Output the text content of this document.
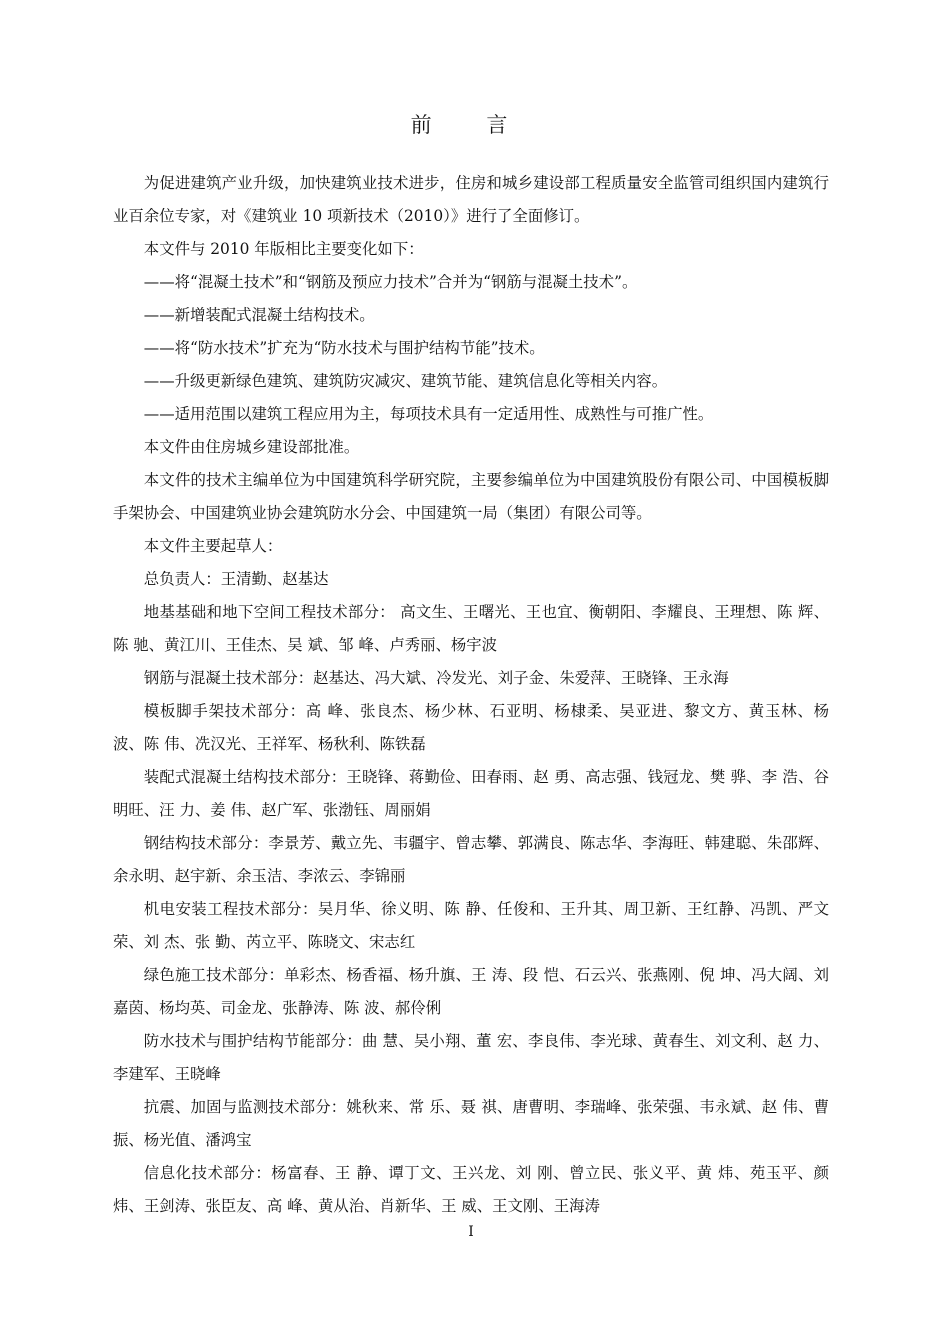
前 言

为促进建筑产业升级，加快建筑业技术进步，住房和城乡建设部工程质量安全监管司组织国内建筑行业百余位专家，对《建筑业 10 项新技术（2010）》进行了全面修订。

本文件与 2010 年版相比主要变化如下：

——将“混凝土技术”和“钢筋及预应力技术”合并为“钢筋与混凝土技术”。

——新增装配式混凝土结构技术。

——将“防水技术”扩充为“防水技术与围护结构节能”技术。

——升级更新绿色建筑、建筑防灾减灾、建筑节能、建筑信息化等相关内容。

——适用范围以建筑工程应用为主，每项技术具有一定适用性、成熟性与可推广性。

本文件由住房城乡建设部批准。

本文件的技术主编单位为中国建筑科学研究院，主要参编单位为中国建筑股份有限公司、中国模板脚手架协会、中国建筑业协会建筑防水分会、中国建筑一局（集团）有限公司等。

本文件主要起草人：

总负责人：王清勤、赵基达

地基基础和地下空间工程技术部分： 高文生、王曙光、王也宜、衡朝阳、李耀良、王理想、陈 辉、陈 驰、黄江川、王佳杰、吴 斌、邹 峰、卢秀丽、杨宇波

钢筋与混凝土技术部分：赵基达、冯大斌、冷发光、刘子金、朱爱萍、王晓锋、王永海

模板脚手架技术部分：高 峰、张良杰、杨少林、石亚明、杨棣柔、吴亚进、黎文方、黄玉林、杨 波、陈 伟、冼汉光、王祥军、杨秋利、陈铁磊

装配式混凝土结构技术部分：王晓锋、蒋勤俭、田春雨、赵 勇、高志强、钱冠龙、樊 骅、李 浩、谷明旺、汪 力、姜 伟、赵广军、张渤钰、周丽娟

钢结构技术部分：李景芳、戴立先、韦疆宇、曾志攀、郭满良、陈志华、李海旺、韩建聪、朱邵辉、余永明、赵宇新、余玉洁、李浓云、李锦丽

机电安装工程技术部分：吴月华、徐义明、陈 静、任俊和、王升其、周卫新、王红静、冯凯、严文荣、刘 杰、张 勤、芮立平、陈晓文、宋志红

绿色施工技术部分：单彩杰、杨香福、杨升旗、王 涛、段 恺、石云兴、张燕刚、倪 坤、冯大阔、刘嘉茵、杨均英、司金龙、张静涛、陈 波、郝伶俐

防水技术与围护结构节能部分：曲 慧、吴小翔、董 宏、李良伟、李光球、黄春生、刘文利、赵 力、李建军、王晓峰

抗震、加固与监测技术部分：姚秋来、常 乐、聂 祺、唐曹明、李瑞峰、张荣强、韦永斌、赵 伟、曹 振、杨光值、潘鸿宝

信息化技术部分：杨富春、王 静、谭丁文、王兴龙、刘 刚、曾立民、张义平、黄 炜、苑玉平、颜 炜、王剑涛、张臣友、高 峰、黄从治、肖新华、王 威、王文刚、王海涛

I
